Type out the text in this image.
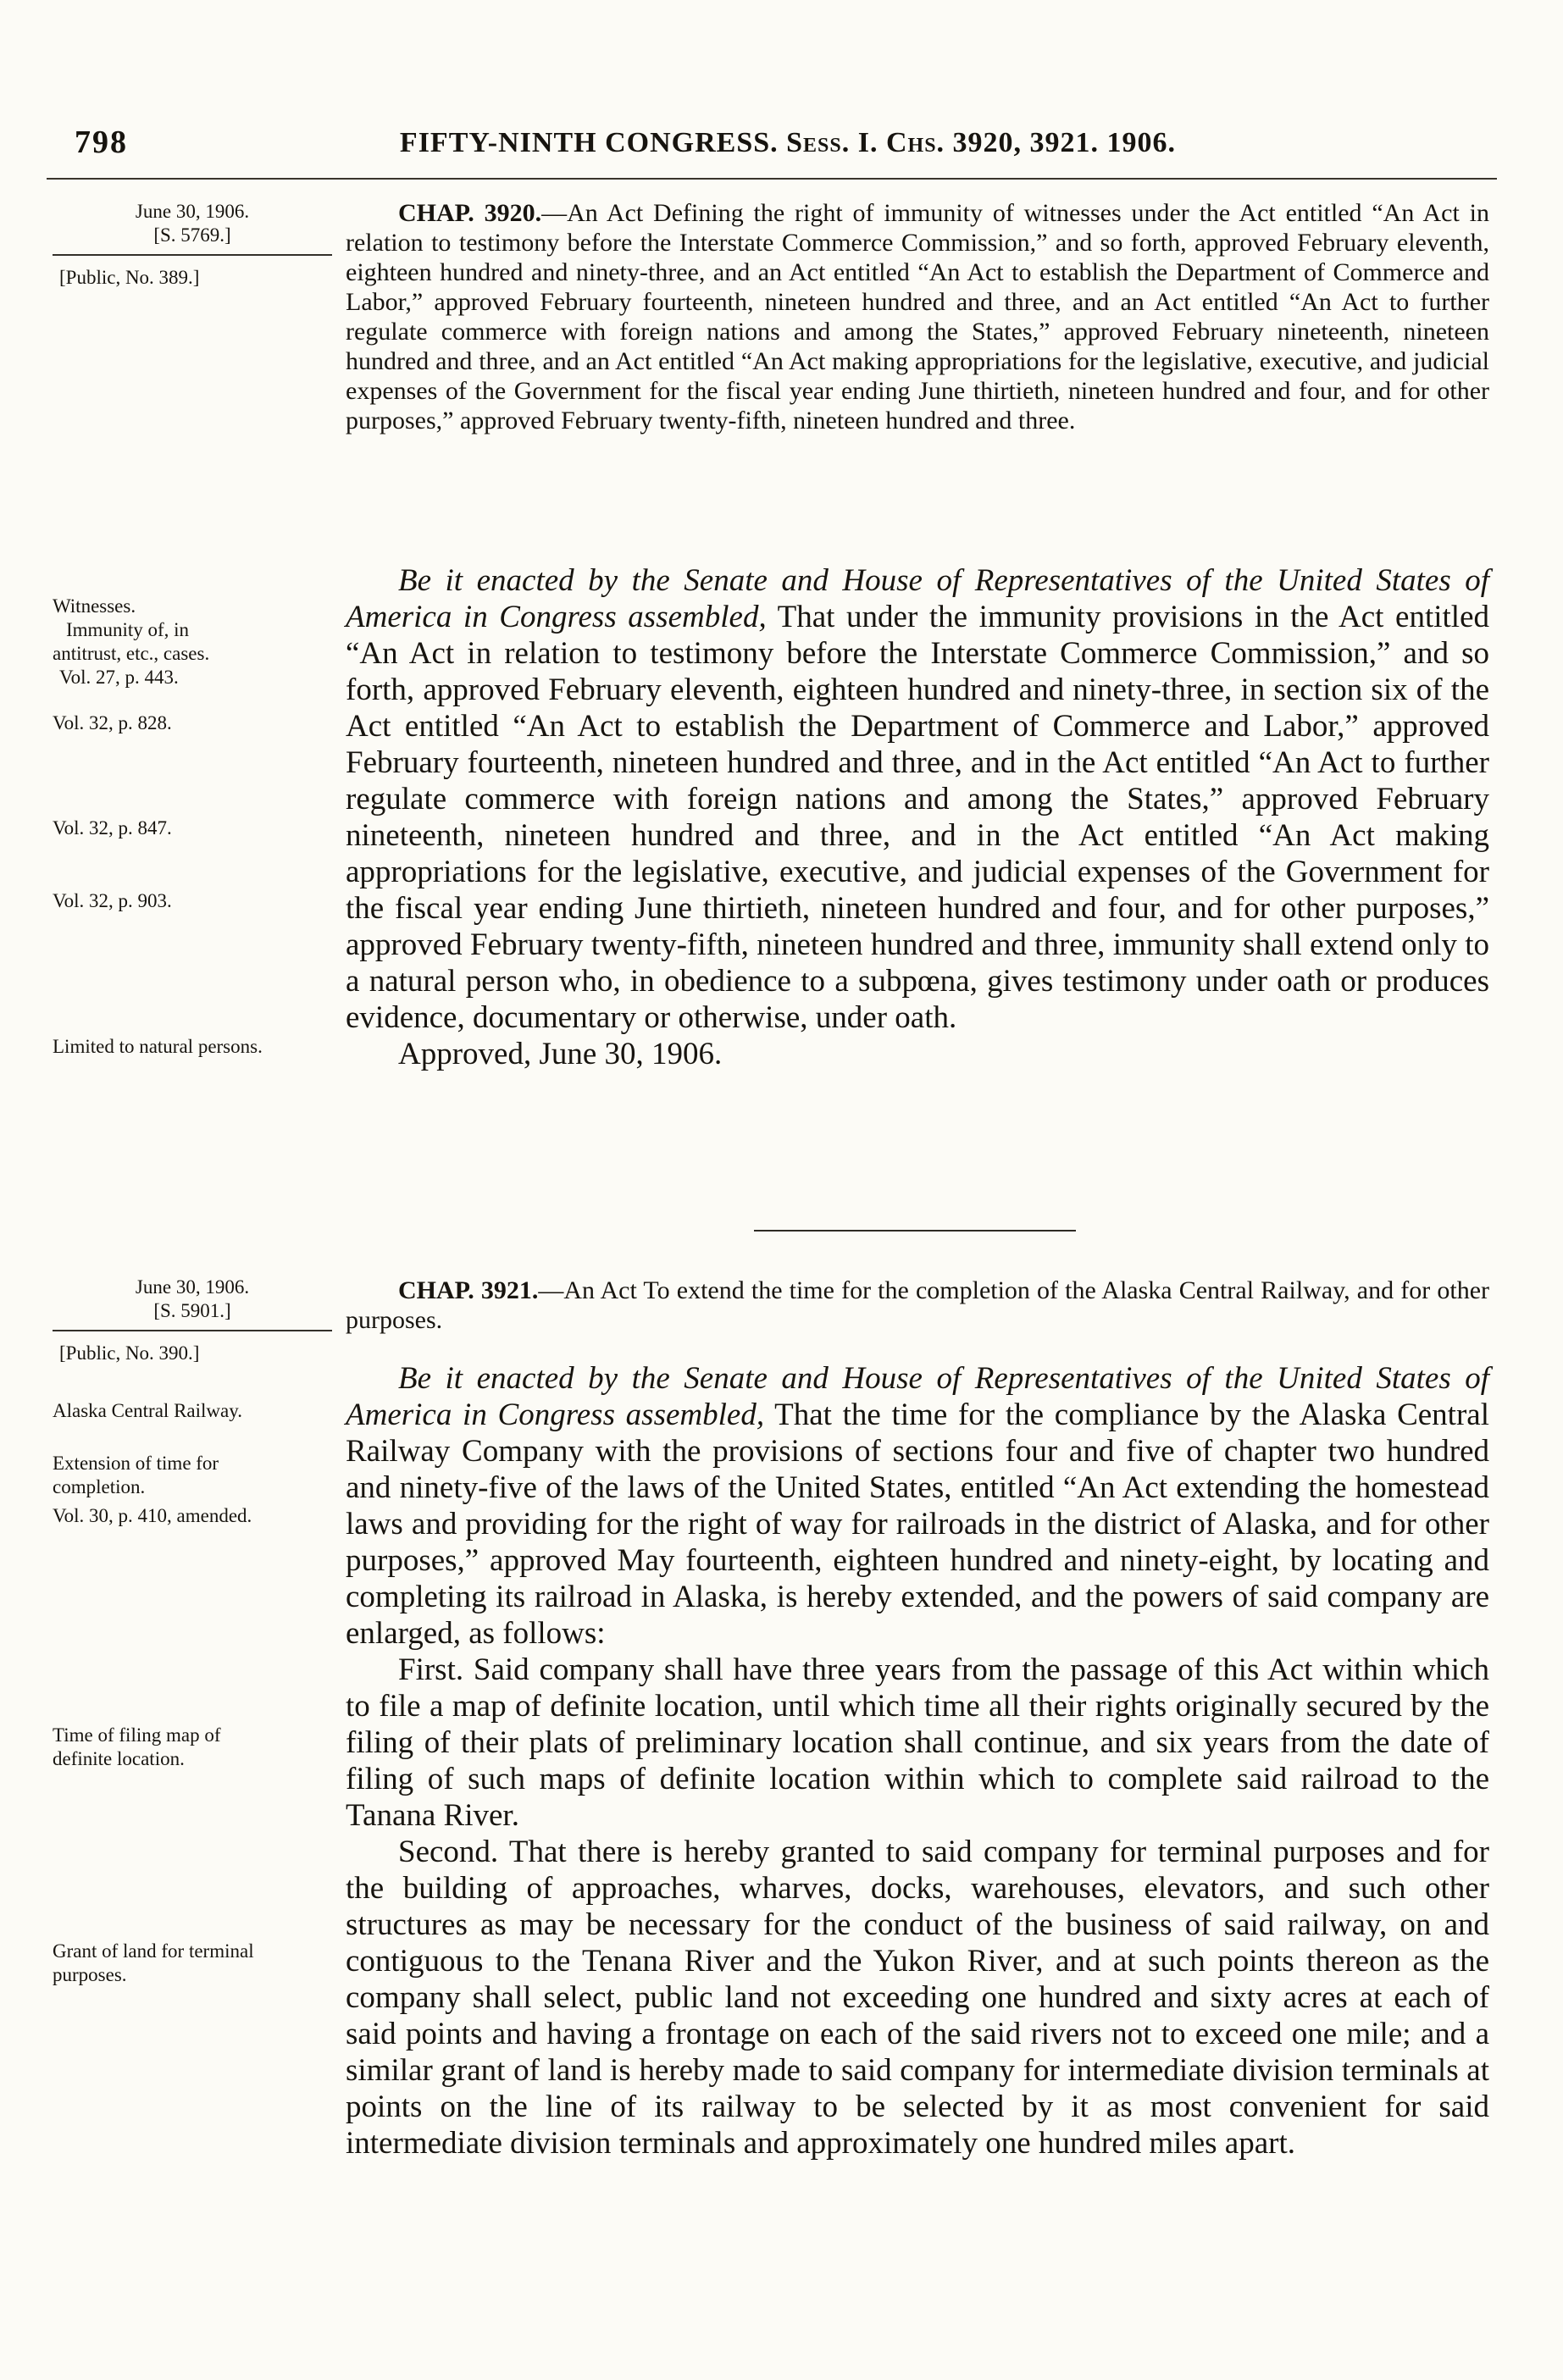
798	FIFTY-NINTH CONGRESS. Sess. I. Chs. 3920, 3921. 1906.
June 30, 1906.
[S. 5769.]
[Public, No. 389.]
Witnesses.
Immunity of, in
antitrust, etc., cases.
Vol. 27, p. 443.
Vol. 32, p. 828.
Vol. 32, p. 847.
Vol. 32, p. 903.
Limited to natural persons.

CHAP. 3920.—An Act Defining the right of immunity of witnesses under the Act entitled “An Act in relation to testimony before the Interstate Commerce Commission,” and so forth, approved February eleventh, eighteen hundred and ninety-three, and an Act entitled “An Act to establish the Department of Commerce and Labor,” approved February fourteenth, nineteen hundred and three, and an Act entitled “An Act to further regulate commerce with foreign nations and among the States,” approved February nineteenth, nineteen hundred and three, and an Act entitled “An Act making appropriations for the legislative, executive, and judicial expenses of the Government for the fiscal year ending June thirtieth, nineteen hundred and four, and for other purposes,” approved February twenty-fifth, nineteen hundred and three.

Be it enacted by the Senate and House of Representatives of the United States of America in Congress assembled, That under the immunity provisions in the Act entitled “An Act in relation to testimony before the Interstate Commerce Commission,” and so forth, approved February eleventh, eighteen hundred and ninety-three, in section six of the Act entitled “An Act to establish the Department of Commerce and Labor,” approved February fourteenth, nineteen hundred and three, and in the Act entitled “An Act to further regulate commerce with foreign nations and among the States,” approved February nineteenth, nineteen hundred and three, and in the Act entitled “An Act making appropriations for the legislative, executive, and judicial expenses of the Government for the fiscal year ending June thirtieth, nineteen hundred and four, and for other purposes,” approved February twenty-fifth, nineteen hundred and three, immunity shall extend only to a natural person who, in obedience to a subpœna, gives testimony under oath or produces evidence, documentary or otherwise, under oath.

Approved, June 30, 1906.

June 30, 1906.
[S. 5901.]
[Public, No. 390.]
Alaska Central Railway.
Extension of time for completion.
Vol. 30, p. 410, amended.
Time of filing map of definite location.
Grant of land for terminal purposes.

CHAP. 3921.—An Act To extend the time for the completion of the Alaska Central Railway, and for other purposes.

Be it enacted by the Senate and House of Representatives of the United States of America in Congress assembled, That the time for the compliance by the Alaska Central Railway Company with the provisions of sections four and five of chapter two hundred and ninety-five of the laws of the United States, entitled “An Act extending the homestead laws and providing for the right of way for railroads in the district of Alaska, and for other purposes,” approved May fourteenth, eighteen hundred and ninety-eight, by locating and completing its railroad in Alaska, is hereby extended, and the powers of said company are enlarged, as follows:

First. Said company shall have three years from the passage of this Act within which to file a map of definite location, until which time all their rights originally secured by the filing of their plats of preliminary location shall continue, and six years from the date of filing of such maps of definite location within which to complete said railroad to the Tanana River.

Second. That there is hereby granted to said company for terminal purposes and for the building of approaches, wharves, docks, warehouses, elevators, and such other structures as may be necessary for the conduct of the business of said railway, on and contiguous to the Tenana River and the Yukon River, and at such points thereon as the company shall select, public land not exceeding one hundred and sixty acres at each of said points and having a frontage on each of the said rivers not to exceed one mile; and a similar grant of land is hereby made to said company for intermediate division terminals at points on the line of its railway to be selected by it as most convenient for said intermediate division terminals and approximately one hundred miles apart.
